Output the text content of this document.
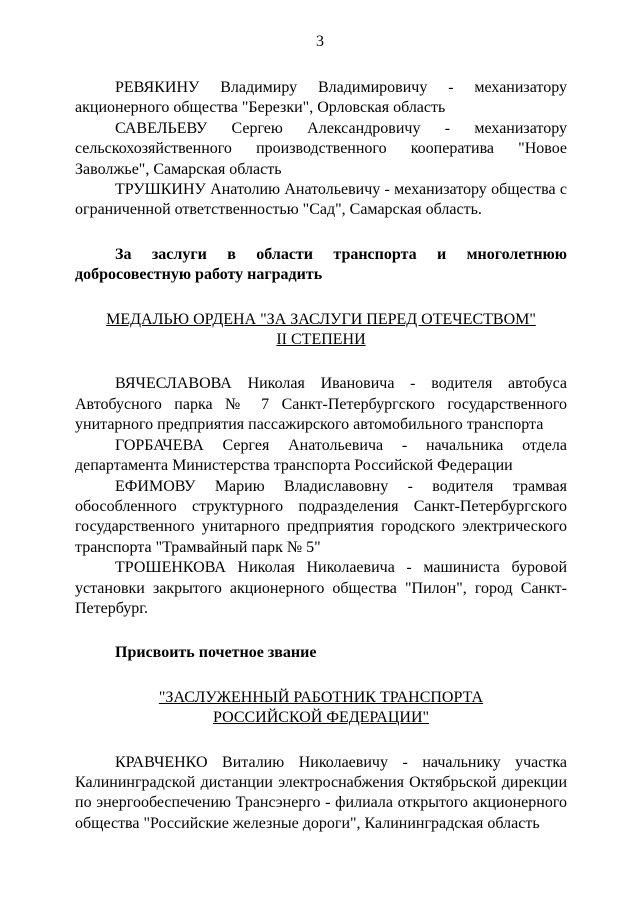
3

РЕВЯКИНУ Владимиру Владимировичу - механизатору акционерного общества "Березки", Орловская область

САВЕЛЬЕВУ Сергею Александровичу - механизатору сельскохозяйственного производственного кооператива "Новое Заволжье", Самарская область

ТРУШКИНУ Анатолию Анатольевичу - механизатору общества с ограниченной ответственностью "Сад", Самарская область.

За заслуги в области транспорта и многолетнюю добросовестную работу наградить

МЕДАЛЬЮ ОРДЕНА "ЗА ЗАСЛУГИ ПЕРЕД ОТЕЧЕСТВОМ"

II СТЕПЕНИ

ВЯЧЕСЛАВОВА Николая Ивановича - водителя автобуса Автобусного парка № 7 Санкт-Петербургского государственного унитарного предприятия пассажирского автомобильного транспорта

ГОРБАЧЕВА Сергея Анатольевича - начальника отдела департамента Министерства транспорта Российской Федерации

ЕФИМОВУ Марию Владиславовну - водителя трамвая обособленного структурного подразделения Санкт-Петербургского государственного унитарного предприятия городского электрического транспорта "Трамвайный парк № 5"

ТРОШЕНКОВА Николая Николаевича - машиниста буровой установки закрытого акционерного общества "Пилон", город Санкт-Петербург.

Присвоить почетное звание

"ЗАСЛУЖЕННЫЙ РАБОТНИК ТРАНСПОРТА

РОССИЙСКОЙ ФЕДЕРАЦИИ"

КРАВЧЕНКО Виталию Николаевичу - начальнику участка Калининградской дистанции электроснабжения Октябрьской дирекции по энергообеспечению Трансэнерго - филиала открытого акционерного общества "Российские железные дороги", Калининградская область
